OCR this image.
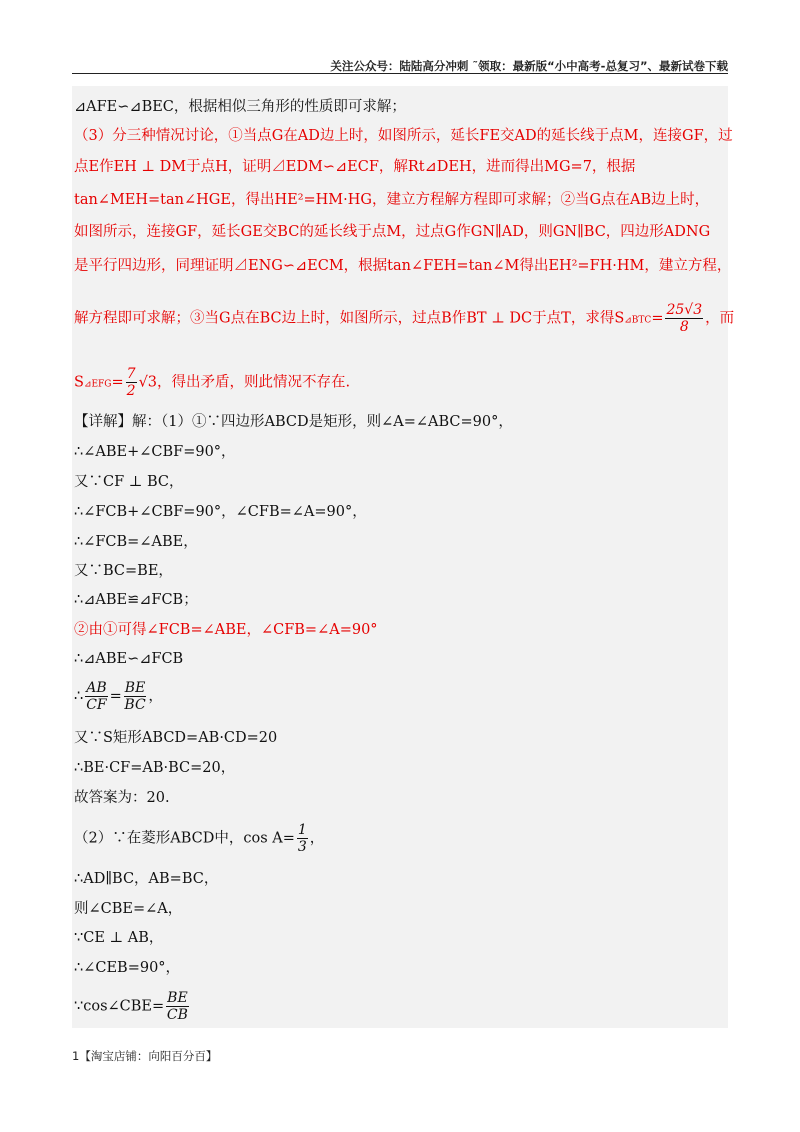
关注公众号：陆陆高分冲刺 ˜领取：最新版“小中高考-总复习”、最新试卷下载
⊿AFE∽⊿BEC，根据相似三角形的性质即可求解；
（3）分三种情况讨论，①当点G在AD边上时，如图所示，延长FE交AD的延长线于点M，连接GF，过
点E作EH ⊥ DM于点H，证明⊿EDM∽⊿ECF，解Rt⊿DEH，进而得出MG=7，根据
tan∠MEH=tan∠HGE，得出HE²=HM·HG，建立方程解方程即可求解；②当G点在AB边上时，
如图所示，连接GF，延长GE交BC的延长线于点M，过点G作GN∥AD，则GN∥BC，四边形ADNG
是平行四边形，同理证明⊿ENG∽⊿ECM，根据tan∠FEH=tan∠M得出EH²=FH·HM，建立方程，
解方程即可求解；③当G点在BC边上时，如图所示，过点B作BT ⊥ DC于点T，求得S⊿BTC= $\frac{25√3}{8}$ ，而
S⊿EFG= $\frac{7}{2} √3$，得出矛盾，则此情况不存在.
【详解】解：（1）①∵四边形ABCD是矩形，则∠A=∠ABC=90°，
∴∠ABE+∠CBF=90°，
又∵CF ⊥ BC，
∴∠FCB+∠CBF=90°，∠CFB=∠A=90°，
∴∠FCB=∠ABE，
又∵BC=BE，
∴⊿ABE≌⊿FCB；
②由①可得∠FCB=∠ABE，∠CFB=∠A=90°
∴⊿ABE∽⊿FCB
∴ $\frac{AB}{CF} = \frac{BE}{BC}$ ，
又∵S矩形ABCD=AB·CD=20
∴BE·CF=AB·BC=20，
故答案为：20.
（2）∵在菱形ABCD中，$\cos A= \frac{1}{3}$ ，
∴AD∥BC，AB=BC，
则∠CBE=∠A，
∵CE ⊥ AB，
∴∠CEB=90°，
∵cos∠CBE= $\frac{BE}{CB}$
1【淘宝店铺：向阳百分百】
